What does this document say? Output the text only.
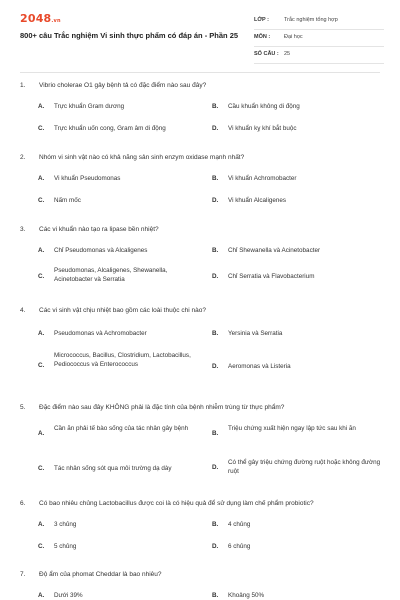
2048.vn
800+ câu Trắc nghiệm Vi sinh thực phẩm có đáp án - Phần 25
LỚP :	Trắc nghiệm tổng hợp
MÔN :	Đại học
SỐ CÂU : 25
1. Vibrio cholerae O1 gây bệnh tả có đặc điểm nào sau đây?
A. Trực khuẩn Gram dương	B. Cầu khuẩn không di động
C. Trực khuẩn uốn cong, Gram âm di động	D. Vi khuẩn kỵ khí bắt buộc
2. Nhóm vi sinh vật nào có khả năng sản sinh enzym oxidase mạnh nhất?
A. Vi khuẩn Pseudomonas	B. Vi khuẩn Achromobacter
C. Nấm mốc	D. Vi khuẩn Alcaligenes
3. Các vi khuẩn nào tạo ra lipase bền nhiệt?
A. Chỉ Pseudomonas và Alcaligenes	B. Chỉ Shewanella và Acinetobacter
C.
Pseudomonas, Alcaligenes, Shewanella, Acinetobacter và Serratia	D. Chỉ Serratia và Flavobacterium
4. Các vi sinh vật chịu nhiệt bao gồm các loài thuộc chi nào?
A. Pseudomonas và Achromobacter	B. Yersinia và Serratia
C.
Micrococcus, Bacillus, Clostridium, Lactobacillus, Pediococcus và Enterococcus	D. Aeromonas và Listeria
5. Đặc điểm nào sau đây KHÔNG phải là đặc tính của bệnh nhiễm trùng từ thực phẩm?
A.
Cần ăn phải tế bào sống của tác nhân gây bệnh
B.
Triệu chứng xuất hiện ngay lập tức sau khi ăn
C. Tác nhân sống sót qua môi trường dạ dày	D.
Có thể gây triệu chứng đường ruột hoặc không đường ruột
6. Có bao nhiêu chủng Lactobacillus được coi là có hiệu quả để sử dụng làm chế phẩm probiotic?
A. 3 chủng	B. 4 chủng
C. 5 chủng	D. 6 chủng
7. Độ ẩm của phomat Cheddar là bao nhiêu?
A. Dưới 39%	B. Khoảng 50%
